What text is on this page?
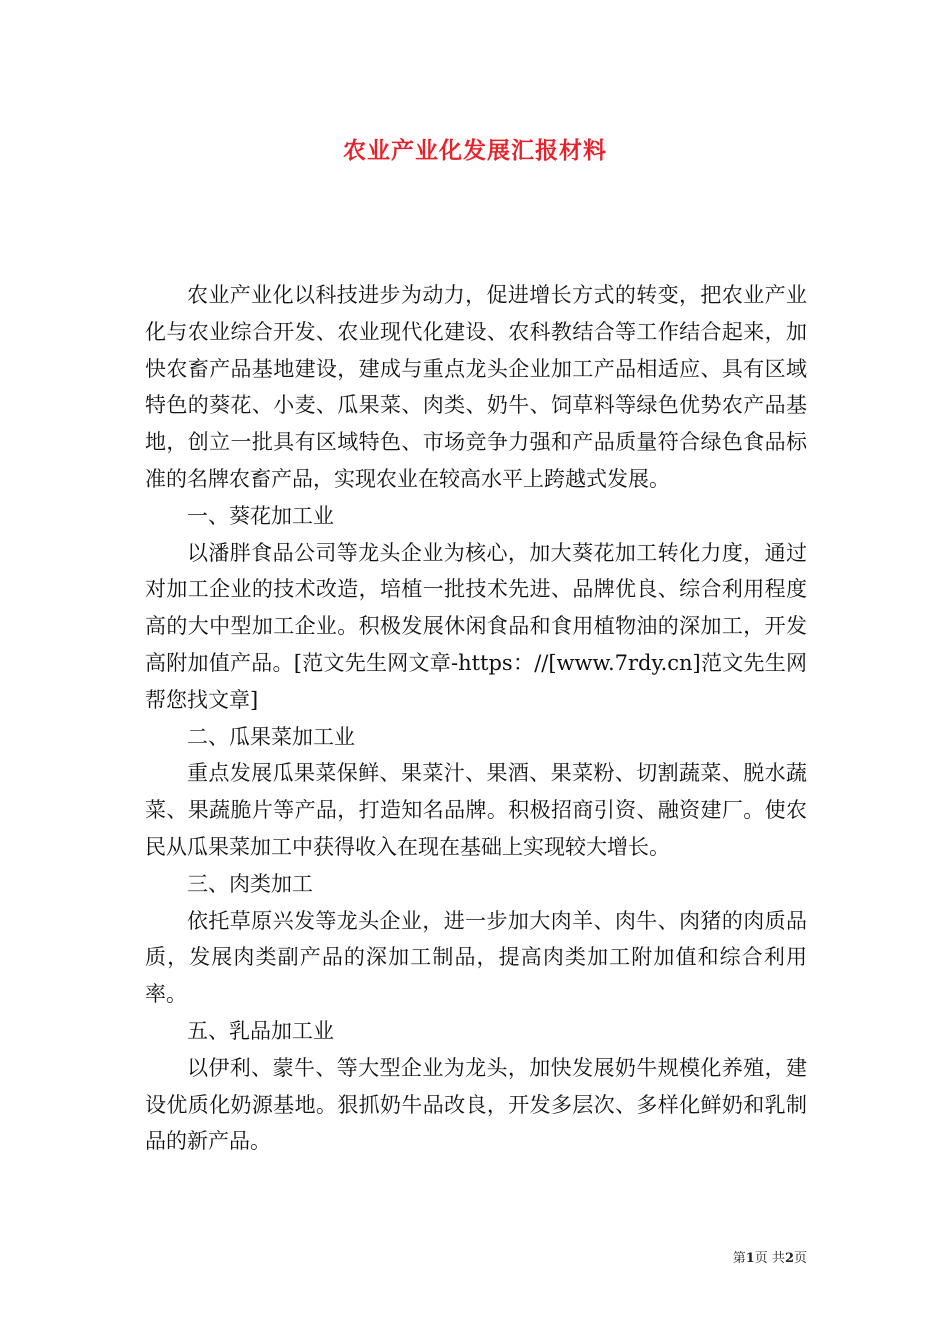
农业产业化发展汇报材料

农业产业化以科技进步为动力，促进增长方式的转变，把农业产业化与农业综合开发、农业现代化建设、农科教结合等工作结合起来，加快农畜产品基地建设，建成与重点龙头企业加工产品相适应、具有区域特色的葵花、小麦、瓜果菜、肉类、奶牛、饲草料等绿色优势农产品基地，创立一批具有区域特色、市场竞争力强和产品质量符合绿色食品标准的名牌农畜产品，实现农业在较高水平上跨越式发展。

一、葵花加工业

以潘胖食品公司等龙头企业为核心，加大葵花加工转化力度，通过对加工企业的技术改造，培植一批技术先进、品牌优良、综合利用程度高的大中型加工企业。积极发展休闲食品和食用植物油的深加工，开发高附加值产品。[范文先生网文章-https：//[www.7rdy.cn]范文先生网帮您找文章]

二、瓜果菜加工业

重点发展瓜果菜保鲜、果菜汁、果酒、果菜粉、切割蔬菜、脱水蔬菜、果蔬脆片等产品，打造知名品牌。积极招商引资、融资建厂。使农民从瓜果菜加工中获得收入在现在基础上实现较大增长。

三、肉类加工

依托草原兴发等龙头企业，进一步加大肉羊、肉牛、肉猪的肉质品质，发展肉类副产品的深加工制品，提高肉类加工附加值和综合利用率。

五、乳品加工业

以伊利、蒙牛、等大型企业为龙头，加快发展奶牛规模化养殖，建设优质化奶源基地。狠抓奶牛品改良，开发多层次、多样化鲜奶和乳制品的新产品。

第1页 共2页
